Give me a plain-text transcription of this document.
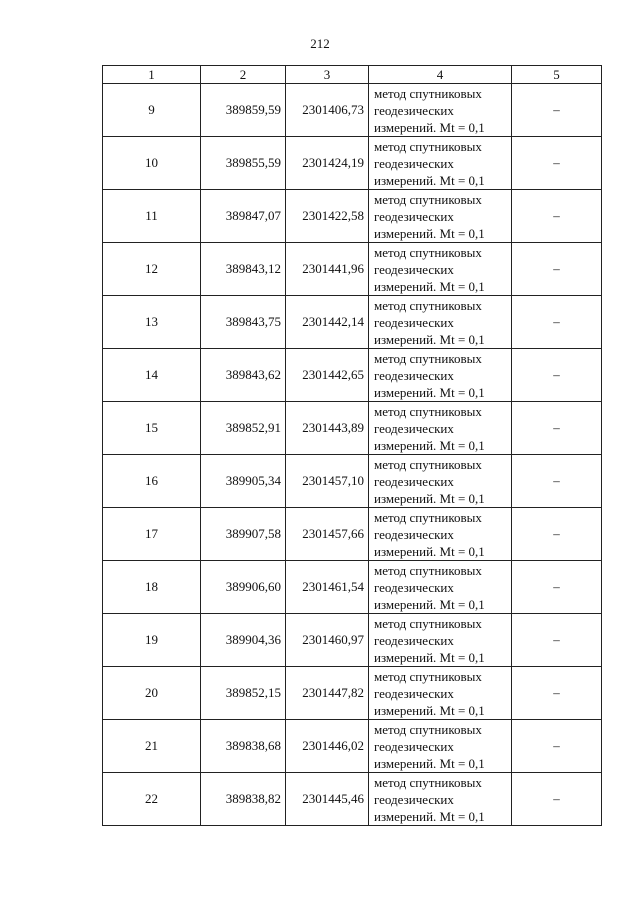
212
1	2	3	4	5
9	389859,59	2301406,73	метод спутниковых
геодезических
измерений. Mt = 0,1	–
10	389855,59	2301424,19	метод спутниковых
геодезических
измерений. Mt = 0,1	–
11	389847,07	2301422,58	метод спутниковых
геодезических
измерений. Mt = 0,1	–
12	389843,12	2301441,96	метод спутниковых
геодезических
измерений. Mt = 0,1	–
13	389843,75	2301442,14	метод спутниковых
геодезических
измерений. Mt = 0,1	–
14	389843,62	2301442,65	метод спутниковых
геодезических
измерений. Mt = 0,1	–
15	389852,91	2301443,89	метод спутниковых
геодезических
измерений. Mt = 0,1	–
16	389905,34	2301457,10	метод спутниковых
геодезических
измерений. Mt = 0,1	–
17	389907,58	2301457,66	метод спутниковых
геодезических
измерений. Mt = 0,1	–
18	389906,60	2301461,54	метод спутниковых
геодезических
измерений. Mt = 0,1	–
19	389904,36	2301460,97	метод спутниковых
геодезических
измерений. Mt = 0,1	–
20	389852,15	2301447,82	метод спутниковых
геодезических
измерений. Mt = 0,1	–
21	389838,68	2301446,02	метод спутниковых
геодезических
измерений. Mt = 0,1	–
22	389838,82	2301445,46	метод спутниковых
геодезических
измерений. Mt = 0,1	–
